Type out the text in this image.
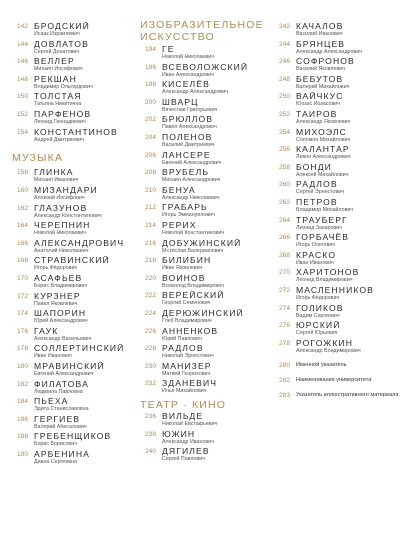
142 БРОДСКИЙ
Исаак Израилевич
144 ДОВЛАТОВ
Сергей Донатович
146 ВЕЛЛЕР
Михаил Иосифович
148 РЕКШАН
Владимир Ольгердович
150 ТОЛСТАЯ
Татьяна Никитична
152 ПАРФЕНОВ
Леонид Геннадиевич
154 КОНСТАНТИНОВ
Андрей Дмитриевич
МУЗЫКА
158 ГЛИНКА
Михаил Иванович
160 МИЗАНДАРИ
Алоизий Иосифович
162 ГЛАЗУНОВ
Александр Константинович
164 ЧЕРЕПНИН
Николай Николаевич
166 АЛЕКСАНДРОВИЧ
Анатолий Николаевич
168 СТРАВИНСКИЙ
Игорь Фёдорович
170 АСАФЬЕВ
Борис Владимирович
172 КУРЗНЕР
Павел Яковлевич
174 ШАПОРИН
Юрий Александрович
176 ГАУК
Александр Васильевич
178 СОЛЛЕРТИНСКИЙ
Иван Иванович
180 МРАВИНСКИЙ
Евгений Александрович
182 ФИЛАТОВА
Людмила Павловна
184 ПЬЕХА
Эдита Станиславовна
186 ГЕРГИЕВ
Валерий Абисалович
188 ГРЕБЕНЩИКОВ
Борис Борисович
190 АРБЕНИНА
Диана Сергеевна
ИЗОБРАЗИТЕЛЬНОЕ
ИСКУССТВО
194 ГЕ
Николай Николаевич
196 ВСЕВОЛОЖСКИЙ
Иван Александрович
198 КИСЕЛЁВ
Александр Александрович
200 ШВАРЦ
Вячеслав Григорьевич
202 БРЮЛЛОВ
Павел Александрович
204 ПОЛЕНОВ
Василий Дмитриевич
206 ЛАНСЕРЕ
Евгений Александрович
208 ВРУБЕЛЬ
Михаил Александрович
210 БЕНУА
Александр Николаевич
212 ГРАБАРЬ
Игорь Эммануилович
214 РЕРИХ
Николай Константинович
216 ДОБУЖИНСКИЙ
Мстислав Валерианович
218 БИЛИБИН
Иван Яковлевич
220 ВОИНОВ
Всеволод Владимирович
222 ВЕРЕЙСКИЙ
Георгий Семенович
224 ДЕРЮЖИНСКИЙ
Глеб Владимирович
226 АННЕНКОВ
Юрий Павлович
228 РАДЛОВ
Николай Эрнестович
230 МАНИЗЕР
Матвей Генрихович
232 ЗДАНЕВИЧ
Илья Михайлович
ТЕАТР · КИНО
236 ВИЛЬДЕ
Николай Евстафьевич
238 ЮЖИН
Александр Иванович
240 ДЯГИЛЕВ
Сергей Павлович
242 КАЧАЛОВ
Василий Иванович
244 БРЯНЦЕВ
Александр Александрович
246 СОФРОНОВ
Василий Яковлевич
248 БЕБУТОВ
Валерий Михайлович
250 ВАЙЧКУС
Юозас Иозасович
252 ТАИРОВ
Александр Яковлевич
254 МИХОЭЛС
Соломон Михайлович
256 КАЛАНТАР
Левон Александрович
258 БОНДИ
Алексей Михайлович
260 РАДЛОВ
Сергей Эрнестович
262 ПЕТРОВ
Владимир Михайлович
264 ТРАУБЕРГ
Леонид Захарович
266 ГОРБАЧЁВ
Игорь Олегович
268 КРАСКО
Иван Иванович
270 ХАРИТОНОВ
Леонид Владимирович
272 МАСЛЕННИКОВ
Игорь Фёдорович
274 ГОЛИКОВ
Вадим Сергеевич
276 ЮРСКИЙ
Сергей Юрьевич
278 РОГОЖКИН
Александр Владимирович
280 Именной указатель
282 Наименования университета
283 Указатель иллюстративного материала
